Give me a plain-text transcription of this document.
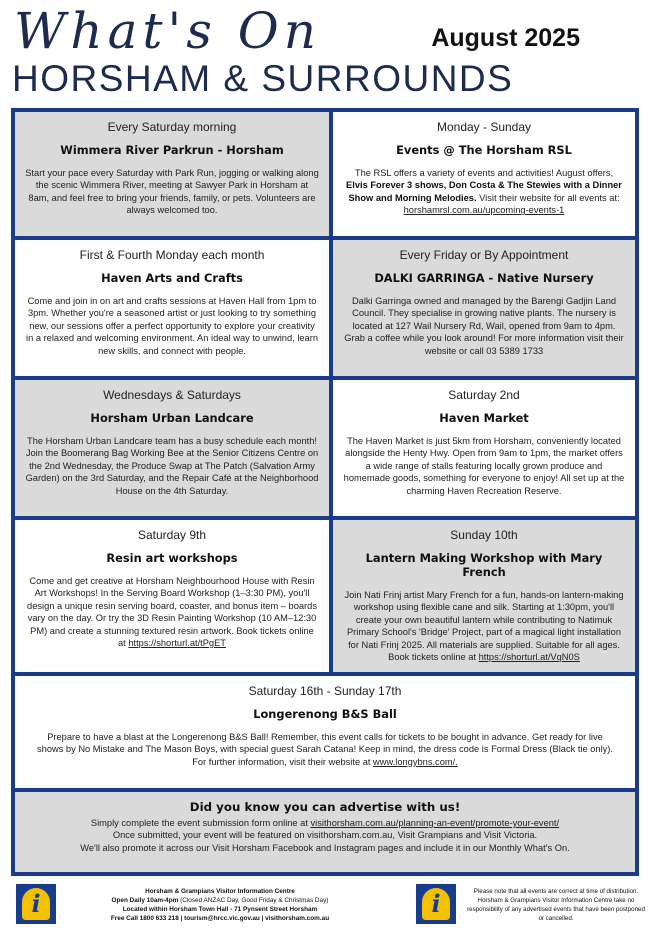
What's On	August 2025
HORSHAM & SURROUNDS
Every Saturday morning
Wimmera River Parkrun - Horsham
Start your pace every Saturday with Park Run, jogging or walking along the scenic Wimmera River, meeting at Sawyer Park in Horsham at 8am, and feel free to bring your friends, family, or pets. Volunteers are always welcomed too.
Monday - Sunday
Events @ The Horsham RSL
The RSL offers a variety of events and activities! August offers, Elvis Forever 3 shows, Don Costa & The Stewies with a Dinner Show and Morning Melodies. Visit their website for all events at: horshamrsl.com.au/upcoming-events-1
First & Fourth Monday each month
Haven Arts and Crafts
Come and join in on art and crafts sessions at Haven Hall from 1pm to 3pm. Whether you're a seasoned artist or just looking to try something new, our sessions offer a perfect opportunity to explore your creativity in a relaxed and welcoming environment. An ideal way to unwind, learn new skills, and connect with people.
Every Friday or By Appointment
DALKI GARRINGA - Native Nursery
Dalki Garringa owned and managed by the Barengi Gadjin Land Council. They specialise in growing native plants. The nursery is located at 127 Wail Nursery Rd, Wail, opened from 9am to 4pm. Grab a coffee while you look around! For more information visit their website or call 03 5389 1733
Wednesdays & Saturdays
Horsham Urban Landcare
The Horsham Urban Landcare team has a busy schedule each month! Join the Boomerang Bag Working Bee at the Senior Citizens Centre on the 2nd Wednesday, the Produce Swap at The Patch (Salvation Army Garden) on the 3rd Saturday, and the Repair Café at the Neighborhood House on the 4th Saturday.
Saturday 2nd
Haven Market
The Haven Market is just 5km from Horsham, conveniently located alongside the Henty Hwy. Open from 9am to 1pm, the market offers a wide range of stalls featuring locally grown produce and homemade goods, something for everyone to enjoy! All set up at the charming Haven Recreation Reserve.
Saturday 9th
Resin art workshops
Come and get creative at Horsham Neighbourhood House with Resin Art Workshops! In the Serving Board Workshop (1–3:30 PM), you'll design a unique resin serving board, coaster, and bonus item – boards vary on the day. Or try the 3D Resin Painting Workshop (10 AM–12:30 PM) and create a stunning textured resin artwork. Book tickets online at https://shorturl.at/tPgET
Sunday 10th
Lantern Making Workshop with Mary French
Join Nati Frinj artist Mary French for a fun, hands-on lantern-making workshop using flexible cane and silk. Starting at 1:30pm, you'll create your own beautiful lantern while contributing to Natimuk Primary School's 'Bridge' Project, part of a magical light installation for Nati Frinj 2025. All materials are supplied. Suitable for all ages. Book tickets online at https://shorturl.at/VqN0S
Saturday 16th - Sunday 17th
Longerenong B&S Ball
Prepare to have a blast at the Longerenong B&S Ball! Remember, this event calls for tickets to be bought in advance. Get ready for live shows by No Mistake and The Mason Boys, with special guest Sarah Catana! Keep in mind, the dress code is Formal Dress (Black tie only). For further information, visit their website at www.longybns.com/.
Did you know you can advertise with us!
Simply complete the event submission form online at visithorsham.com.au/planning-an-event/promote-your-event/
Once submitted, your event will be featured on visithorsham.com.au, Visit Grampians and Visit Victoria.
We'll also promote it across our Visit Horsham Facebook and Instagram pages and include it in our Monthly What's On.
i	Horsham & Grampians Visitor Information Centre
Open Daily 10am-4pm (Closed ANZAC Day, Good Friday & Christmas Day)
Located within Horsham Town Hall - 71 Pynsent Street Horsham
Free Call 1800 633 218 | tourism@hrcc.vic.gov.au | visithorsham.com.au
i	Please note that all events are correct at time of distribution. Horsham & Grampians Visitor Information Centre take no responsibility of any advertised events that have been postponed or cancelled.
